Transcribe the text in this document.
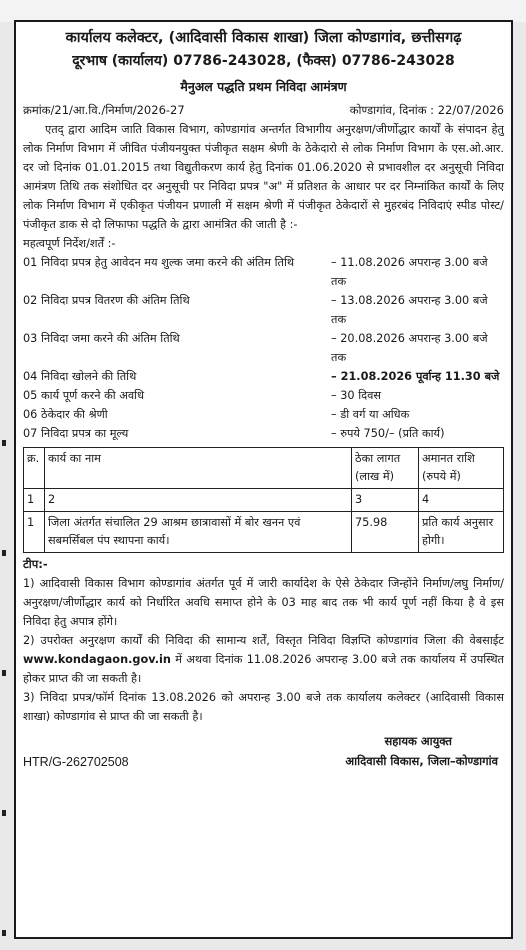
कार्यालय कलेक्टर, (आदिवासी विकास शाखा) जिला कोण्डागांव, छत्तीसगढ़
दूरभाष (कार्यालय) 07786-243028, (फैक्स) 07786-243028
मैनुअल पद्धति प्रथम निविदा आमंत्रण
क्रमांक/21/आ.वि./निर्माण/2026-27	कोण्डागांव, दिनांक : 22/07/2026
एतद् द्वारा आदिम जाति विकास विभाग, कोण्डागांव अन्तर्गत विभागीय अनुरक्षण/जीर्णोद्धार कार्यों के संपादन हेतु लोक निर्माण विभाग में जीवित पंजीयनयुक्त पंजीकृत सक्षम श्रेणी के ठेकेदारो से लोक निर्माण विभाग के एस.ओ.आर. दर जो दिनांक 01.01.2015 तथा विद्युतीकरण कार्य हेतु दिनांक 01.06.2020 से प्रभावशील दर अनुसूची निविदा आमंत्रण तिथि तक संशोधित दर अनुसूची पर निविदा प्रपत्र "अ" में प्रतिशत के आधार पर दर निम्नांकित कार्यों के लिए लोक निर्माण विभाग में एकीकृत पंजीयन प्रणाली में सक्षम श्रेणी में पंजीकृत ठेकेदारों से मुहरबंद निविदाएं स्पीड पोस्ट/पंजीकृत डाक से दो लिफाफा पद्धति के द्वारा आमंत्रित की जाती है :-
महत्वपूर्ण निर्देश/शर्तें :-
01 निविदा प्रपत्र हेतु आवेदन मय शुल्क जमा करने की अंतिम तिथि	– 11.08.2026 अपरान्ह 3.00 बजे तक
02 निविदा प्रपत्र वितरण की अंतिम तिथि	– 13.08.2026 अपरान्ह 3.00 बजे तक
03 निविदा जमा करने की अंतिम तिथि	– 20.08.2026 अपरान्ह 3.00 बजे तक
04 निविदा खोलने की तिथि	– 21.08.2026 पूर्वान्ह 11.30 बजे
05 कार्य पूर्ण करने की अवधि	– 30 दिवस
06 ठेकेदार की श्रेणी	– डी वर्ग या अधिक
07 निविदा प्रपत्र का मूल्य	– रुपये 750/– (प्रति कार्य)
क्र.	कार्य का नाम	ठेका लागत (लाख में)	अमानत राशि (रुपये में)
1	2	3	4
1	जिला अंतर्गत संचालित 29 आश्रम छात्रावासों में बोर खनन एवं सबमर्सिबल पंप स्थापना कार्य।	75.98	प्रति कार्य अनुसार होगी।
टीप:-
1) आदिवासी विकास विभाग कोण्डागांव अंतर्गत पूर्व में जारी कार्यादेश के ऐसे ठेकेदार जिन्होंने निर्माण/लघु निर्माण/अनुरक्षण/जीर्णोद्धार कार्य को निर्धारित अवधि समाप्त होने के 03 माह बाद तक भी कार्य पूर्ण नहीं किया है वे इस निविदा हेतु अपात्र होंगे।
2) उपरोक्त अनुरक्षण कार्यों की निविदा की सामान्य शर्तें, विस्तृत निविदा विज्ञप्ति कोण्डागांव जिला की वेबसाईट www.kondagaon.gov.in में अथवा दिनांक 11.08.2026 अपरान्ह 3.00 बजे तक कार्यालय में उपस्थित होकर प्राप्त की जा सकती है।
3) निविदा प्रपत्र/फॉर्म दिनांक 13.08.2026 को अपरान्ह 3.00 बजे तक कार्यालय कलेक्टर (आदिवासी विकास शाखा) कोण्डागांव से प्राप्त की जा सकती है।
सहायक आयुक्त
आदिवासी विकास, जिला–कोण्डागांव
HTR/G-262702508
